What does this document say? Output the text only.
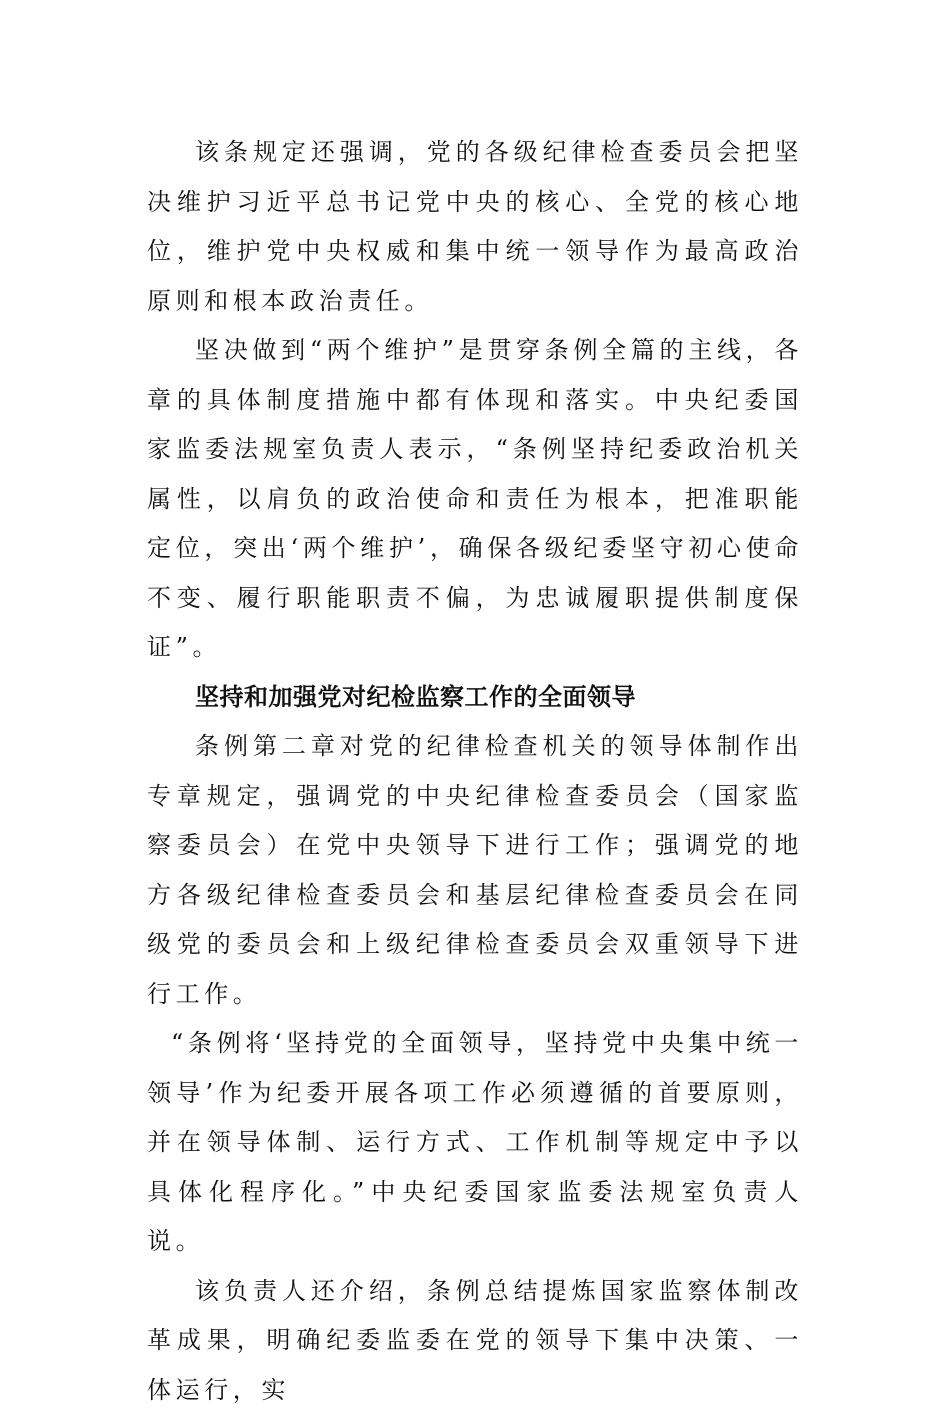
该条规定还强调，党的各级纪律检查委员会把坚决维护习近平总书记党中央的核心、全党的核心地位，维护党中央权威和集中统一领导作为最高政治原则和根本政治责任。

坚决做到“两个维护”是贯穿条例全篇的主线，各章的具体制度措施中都有体现和落实。中央纪委国家监委法规室负责人表示，“条例坚持纪委政治机关属性，以肩负的政治使命和责任为根本，把准职能定位，突出‘两个维护’，确保各级纪委坚守初心使命不变、履行职能职责不偏，为忠诚履职提供制度保证”。

坚持和加强党对纪检监察工作的全面领导

条例第二章对党的纪律检查机关的领导体制作出专章规定，强调党的中央纪律检查委员会（国家监察委员会）在党中央领导下进行工作；强调党的地方各级纪律检查委员会和基层纪律检查委员会在同级党的委员会和上级纪律检查委员会双重领导下进行工作。

“条例将‘坚持党的全面领导，坚持党中央集中统一领导’作为纪委开展各项工作必须遵循的首要原则，并在领导体制、运行方式、工作机制等规定中予以具体化程序化。”中央纪委国家监委法规室负责人说。

该负责人还介绍，条例总结提炼国家监察体制改革成果，明确纪委监委在党的领导下集中决策、一体运行，实
